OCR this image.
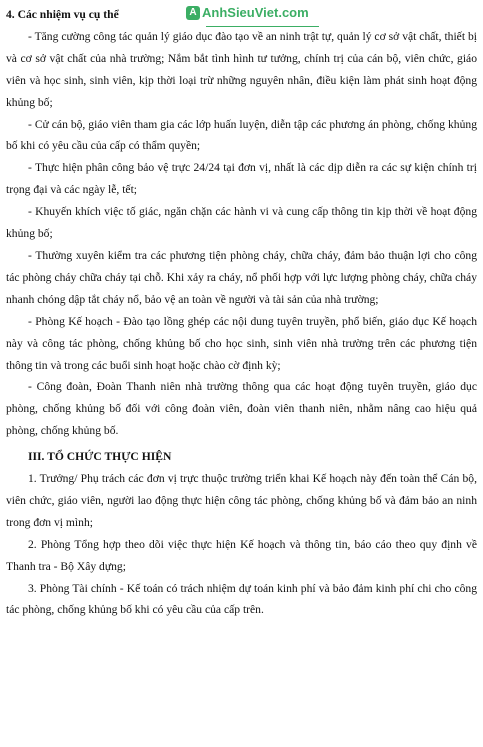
A AnhSieuViet.com

4. Các nhiệm vụ cụ thể

- Tăng cường công tác quản lý giáo dục đào tạo về an ninh trật tự, quản lý cơ sở vật chất, thiết bị và cơ sở vật chất của nhà trường; Nắm bắt tình hình tư tưởng, chính trị của cán bộ, viên chức, giáo viên và học sinh, sinh viên, kịp thời loại trừ những nguyên nhân, điều kiện làm phát sinh hoạt động khủng bố;

- Cử cán bộ, giáo viên tham gia các lớp huấn luyện, diễn tập các phương án phòng, chống khủng bố khi có yêu cầu của cấp có thẩm quyền;

- Thực hiện phân công bảo vệ trực 24/24 tại đơn vị, nhất là các dịp diễn ra các sự kiện chính trị trọng đại và các ngày lễ, tết;

- Khuyến khích việc tố giác, ngăn chặn các hành vi và cung cấp thông tin kịp thời về hoạt động khủng bố;

- Thường xuyên kiểm tra các phương tiện phòng cháy, chữa cháy, đảm bảo thuận lợi cho công tác phòng cháy chữa cháy tại chỗ. Khi xảy ra cháy, nổ phối hợp với lực lượng phòng cháy, chữa cháy nhanh chóng dập tắt cháy nổ, bảo vệ an toàn về người và tài sản của nhà trường;

- Phòng Kế hoạch - Đào tạo lồng ghép các nội dung tuyên truyền, phổ biến, giáo dục Kế hoạch này và công tác phòng, chống khủng bố cho học sinh, sinh viên nhà trường trên các phương tiện thông tin và trong các buổi sinh hoạt hoặc chào cờ định kỳ;

- Công đoàn, Đoàn Thanh niên nhà trường thông qua các hoạt động tuyên truyền, giáo dục phòng, chống khủng bố đối với công đoàn viên, đoàn viên thanh niên, nhằm nâng cao hiệu quả phòng, chống khủng bố.

III. TỔ CHỨC THỰC HIỆN

1. Trưởng/ Phụ trách các đơn vị trực thuộc trường triển khai Kế hoạch này đến toàn thể Cán bộ, viên chức, giáo viên, người lao động thực hiện công tác phòng, chống khủng bố và đảm bảo an ninh trong đơn vị mình;

2. Phòng Tổng hợp theo dõi việc thực hiện Kế hoạch và thông tin, báo cáo theo quy định về Thanh tra - Bộ Xây dựng;

3. Phòng Tài chính - Kế toán có trách nhiệm dự toán kinh phí và bảo đảm kinh phí chi cho công tác phòng, chống khủng bố khi có yêu cầu của cấp trên.
